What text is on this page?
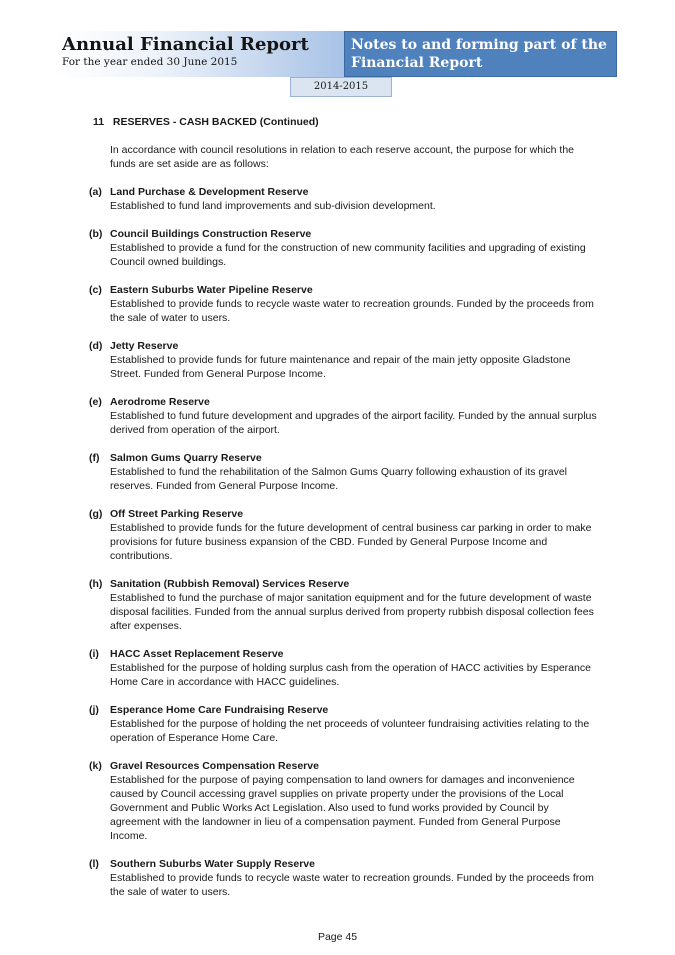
Annual Financial Report
For the year ended 30 June 2015
Notes to and forming part of the Financial Report
2014-2015
11 RESERVES - CASH BACKED (Continued)
In accordance with council resolutions in relation to each reserve account, the purpose for which the funds are set aside are as follows:
(a) Land Purchase & Development Reserve
Established to fund land improvements and sub-division development.
(b) Council Buildings Construction Reserve
Established to provide a fund for the construction of new community facilities and upgrading of existing Council owned buildings.
(c) Eastern Suburbs Water Pipeline Reserve
Established to provide funds to recycle waste water to recreation grounds. Funded by the proceeds from the sale of water to users.
(d) Jetty Reserve
Established to provide funds for future maintenance and repair of the main jetty opposite Gladstone Street. Funded from General Purpose Income.
(e) Aerodrome Reserve
Established to fund future development and upgrades of the airport facility. Funded by the annual surplus derived from operation of the airport.
(f)	Salmon Gums Quarry Reserve
Established to fund the rehabilitation of the Salmon Gums Quarry following exhaustion of its gravel reserves. Funded from General Purpose Income.
(g) Off Street Parking Reserve
Established to provide funds for the future development of central business car parking in order to make provisions for future business expansion of the CBD. Funded by General Purpose Income and contributions.
(h) Sanitation (Rubbish Removal) Services Reserve
Established to fund the purchase of major sanitation equipment and for the future development of waste disposal facilities. Funded from the annual surplus derived from property rubbish disposal collection fees after expenses.
(i)	HACC Asset Replacement Reserve
Established for the purpose of holding surplus cash from the operation of HACC activities by Esperance Home Care in accordance with HACC guidelines.
(j)	Esperance Home Care Fundraising Reserve
Established for the purpose of holding the net proceeds of volunteer fundraising activities relating to the operation of Esperance Home Care.
(k) Gravel Resources Compensation Reserve
Established for the purpose of paying compensation to land owners for damages and inconvenience caused by Council accessing gravel supplies on private property under the provisions of the Local Government and Public Works Act Legislation. Also used to fund works provided by Council by agreement with the landowner in lieu of a compensation payment. Funded from General Purpose Income.
(l)	Southern Suburbs Water Supply Reserve
Established to provide funds to recycle waste water to recreation grounds. Funded by the proceeds from the sale of water to users.
Page 45
